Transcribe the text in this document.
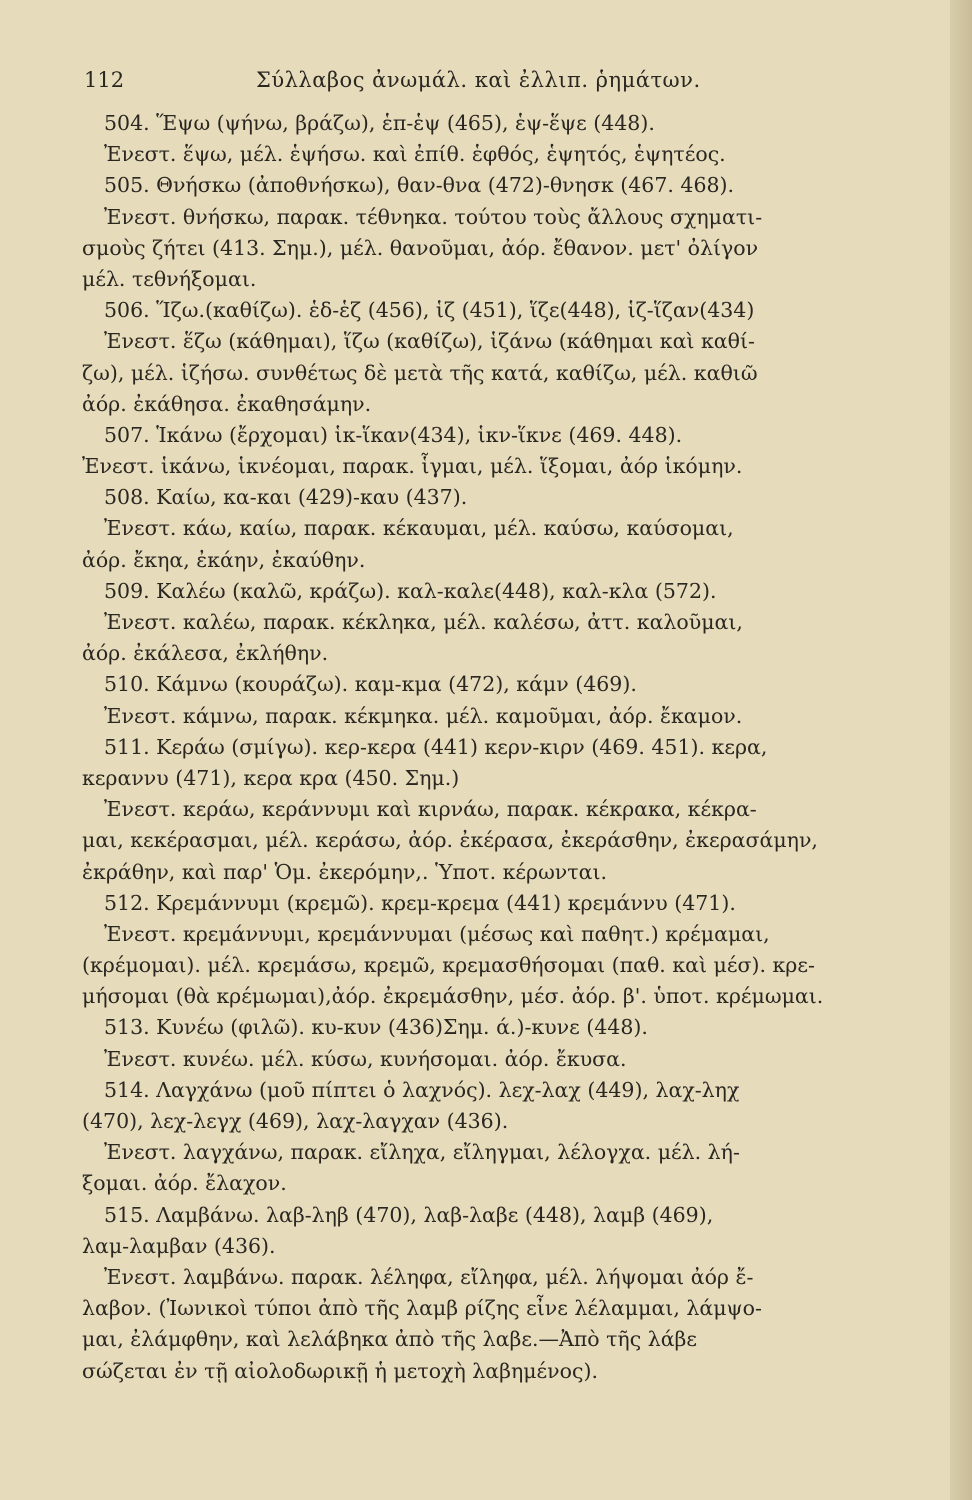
112	Σύλλαβος ἀνωμάλ. καὶ ἐλλιπ. ῥημάτων.
504. Ἕψω (ψήνω, βράζω), ἑπ-ἑψ (465), ἑψ-ἕψε (448).
Ἐνεστ. ἕψω, μέλ. ἑψήσω. καὶ ἐπίθ. ἑφθός, ἑψητός, ἑψητέος.
505. Θνήσκω (ἀποθνήσκω), θαν-θνα (472)-θνησκ (467. 468).
Ἐνεστ. θνήσκω, παρακ. τέθνηκα. τούτου τοὺς ἄλλους σχηματι-
σμοὺς ζήτει (413. Σημ.), μέλ. θανοῦμαι, ἀόρ. ἔθανον. μετ' ὀλίγον
μέλ. τεθνήξομαι.
506. Ἵζω.(καθίζω). ἑδ-ἑζ (456), ἱζ (451), ἵζε(448), ἱζ-ἵζαν(434)
Ἐνεστ. ἕζω (κάθημαι), ἵζω (καθίζω), ἱζάνω (κάθημαι καὶ καθί-
ζω), μέλ. ἱζήσω. συνθέτως δὲ μετὰ τῆς κατά, καθίζω, μέλ. καθιῶ
ἀόρ. ἐκάθησα. ἐκαθησάμην.
507. Ἱκάνω (ἔρχομαι) ἱκ-ἵκαν(434), ἱκν-ἵκνε (469. 448).
Ἐνεστ. ἱκάνω, ἱκνέομαι, παρακ. ἷγμαι, μέλ. ἵξομαι, ἀόρ ἱκόμην.
508. Καίω, κα-και (429)-καυ (437).
Ἐνεστ. κάω, καίω, παρακ. κέκαυμαι, μέλ. καύσω, καύσομαι,
ἀόρ. ἔκηα, ἐκάην, ἐκαύθην.
509. Καλέω (καλῶ, κράζω). καλ-καλε(448), καλ-κλα (572).
Ἐνεστ. καλέω, παρακ. κέκληκα, μέλ. καλέσω, ἀττ. καλοῦμαι,
ἀόρ. ἐκάλεσα, ἐκλήθην.
510. Κάμνω (κουράζω). καμ-κμα (472), κάμν (469).
Ἐνεστ. κάμνω, παρακ. κέκμηκα. μέλ. καμοῦμαι, ἀόρ. ἔκαμον.
511. Κεράω (σμίγω). κερ-κερα (441) κερν-κιρν (469. 451). κερα,
κεραννυ (471), κερα κρα (450. Σημ.)
Ἐνεστ. κεράω, κεράννυμι καὶ κιρνάω, παρακ. κέκρακα, κέκρα-
μαι, κεκέρασμαι, μέλ. κεράσω, ἀόρ. ἐκέρασα, ἐκεράσθην, ἐκερασάμην,
ἐκράθην, καὶ παρ' Ὁμ. ἐκερόμην,. Ὑποτ. κέρωνται.
512. Κρεμάννυμι (κρεμῶ). κρεμ-κρεμα (441) κρεμάννυ (471).
Ἐνεστ. κρεμάννυμι, κρεμάννυμαι (μέσως καὶ παθητ.) κρέμαμαι,
(κρέμομαι). μέλ. κρεμάσω, κρεμῶ, κρεμασθήσομαι (παθ. καὶ μέσ). κρε-
μήσομαι (θὰ κρέμωμαι),ἀόρ. ἐκρεμάσθην, μέσ. ἀόρ. β'. ὑποτ. κρέμωμαι.
513. Κυνέω (φιλῶ). κυ-κυν (436)Σημ. ά.)-κυνε (448).
Ἐνεστ. κυνέω. μέλ. κύσω, κυνήσομαι. ἀόρ. ἔκυσα.
514. Λαγχάνω (μοῦ πίπτει ὁ λαχνός). λεχ-λαχ (449), λαχ-ληχ
(470), λεχ-λεγχ (469), λαχ-λαγχαν (436).
Ἐνεστ. λαγχάνω, παρακ. εἴληχα, εἴληγμαι, λέλογχα. μέλ. λή-
ξομαι. ἀόρ. ἔλαχον.
515. Λαμβάνω. λαβ-ληβ (470), λαβ-λαβε (448), λαμβ (469),
λαμ-λαμβαν (436).
Ἐνεστ. λαμβάνω. παρακ. λέληφα, εἴληφα, μέλ. λήψομαι ἀόρ ἔ-
λαβον. (Ἰωνικοὶ τύποι ἀπὸ τῆς λαμβ ρίζης εἶνε λέλαμμαι, λάμψο-
μαι, ἐλάμφθην, καὶ λελάβηκα ἀπὸ τῆς λαβε.—Ἀπὸ τῆς λάβε
σώζεται ἐν τῇ αἰολοδωρικῇ ἡ μετοχὴ λαβημένος).
